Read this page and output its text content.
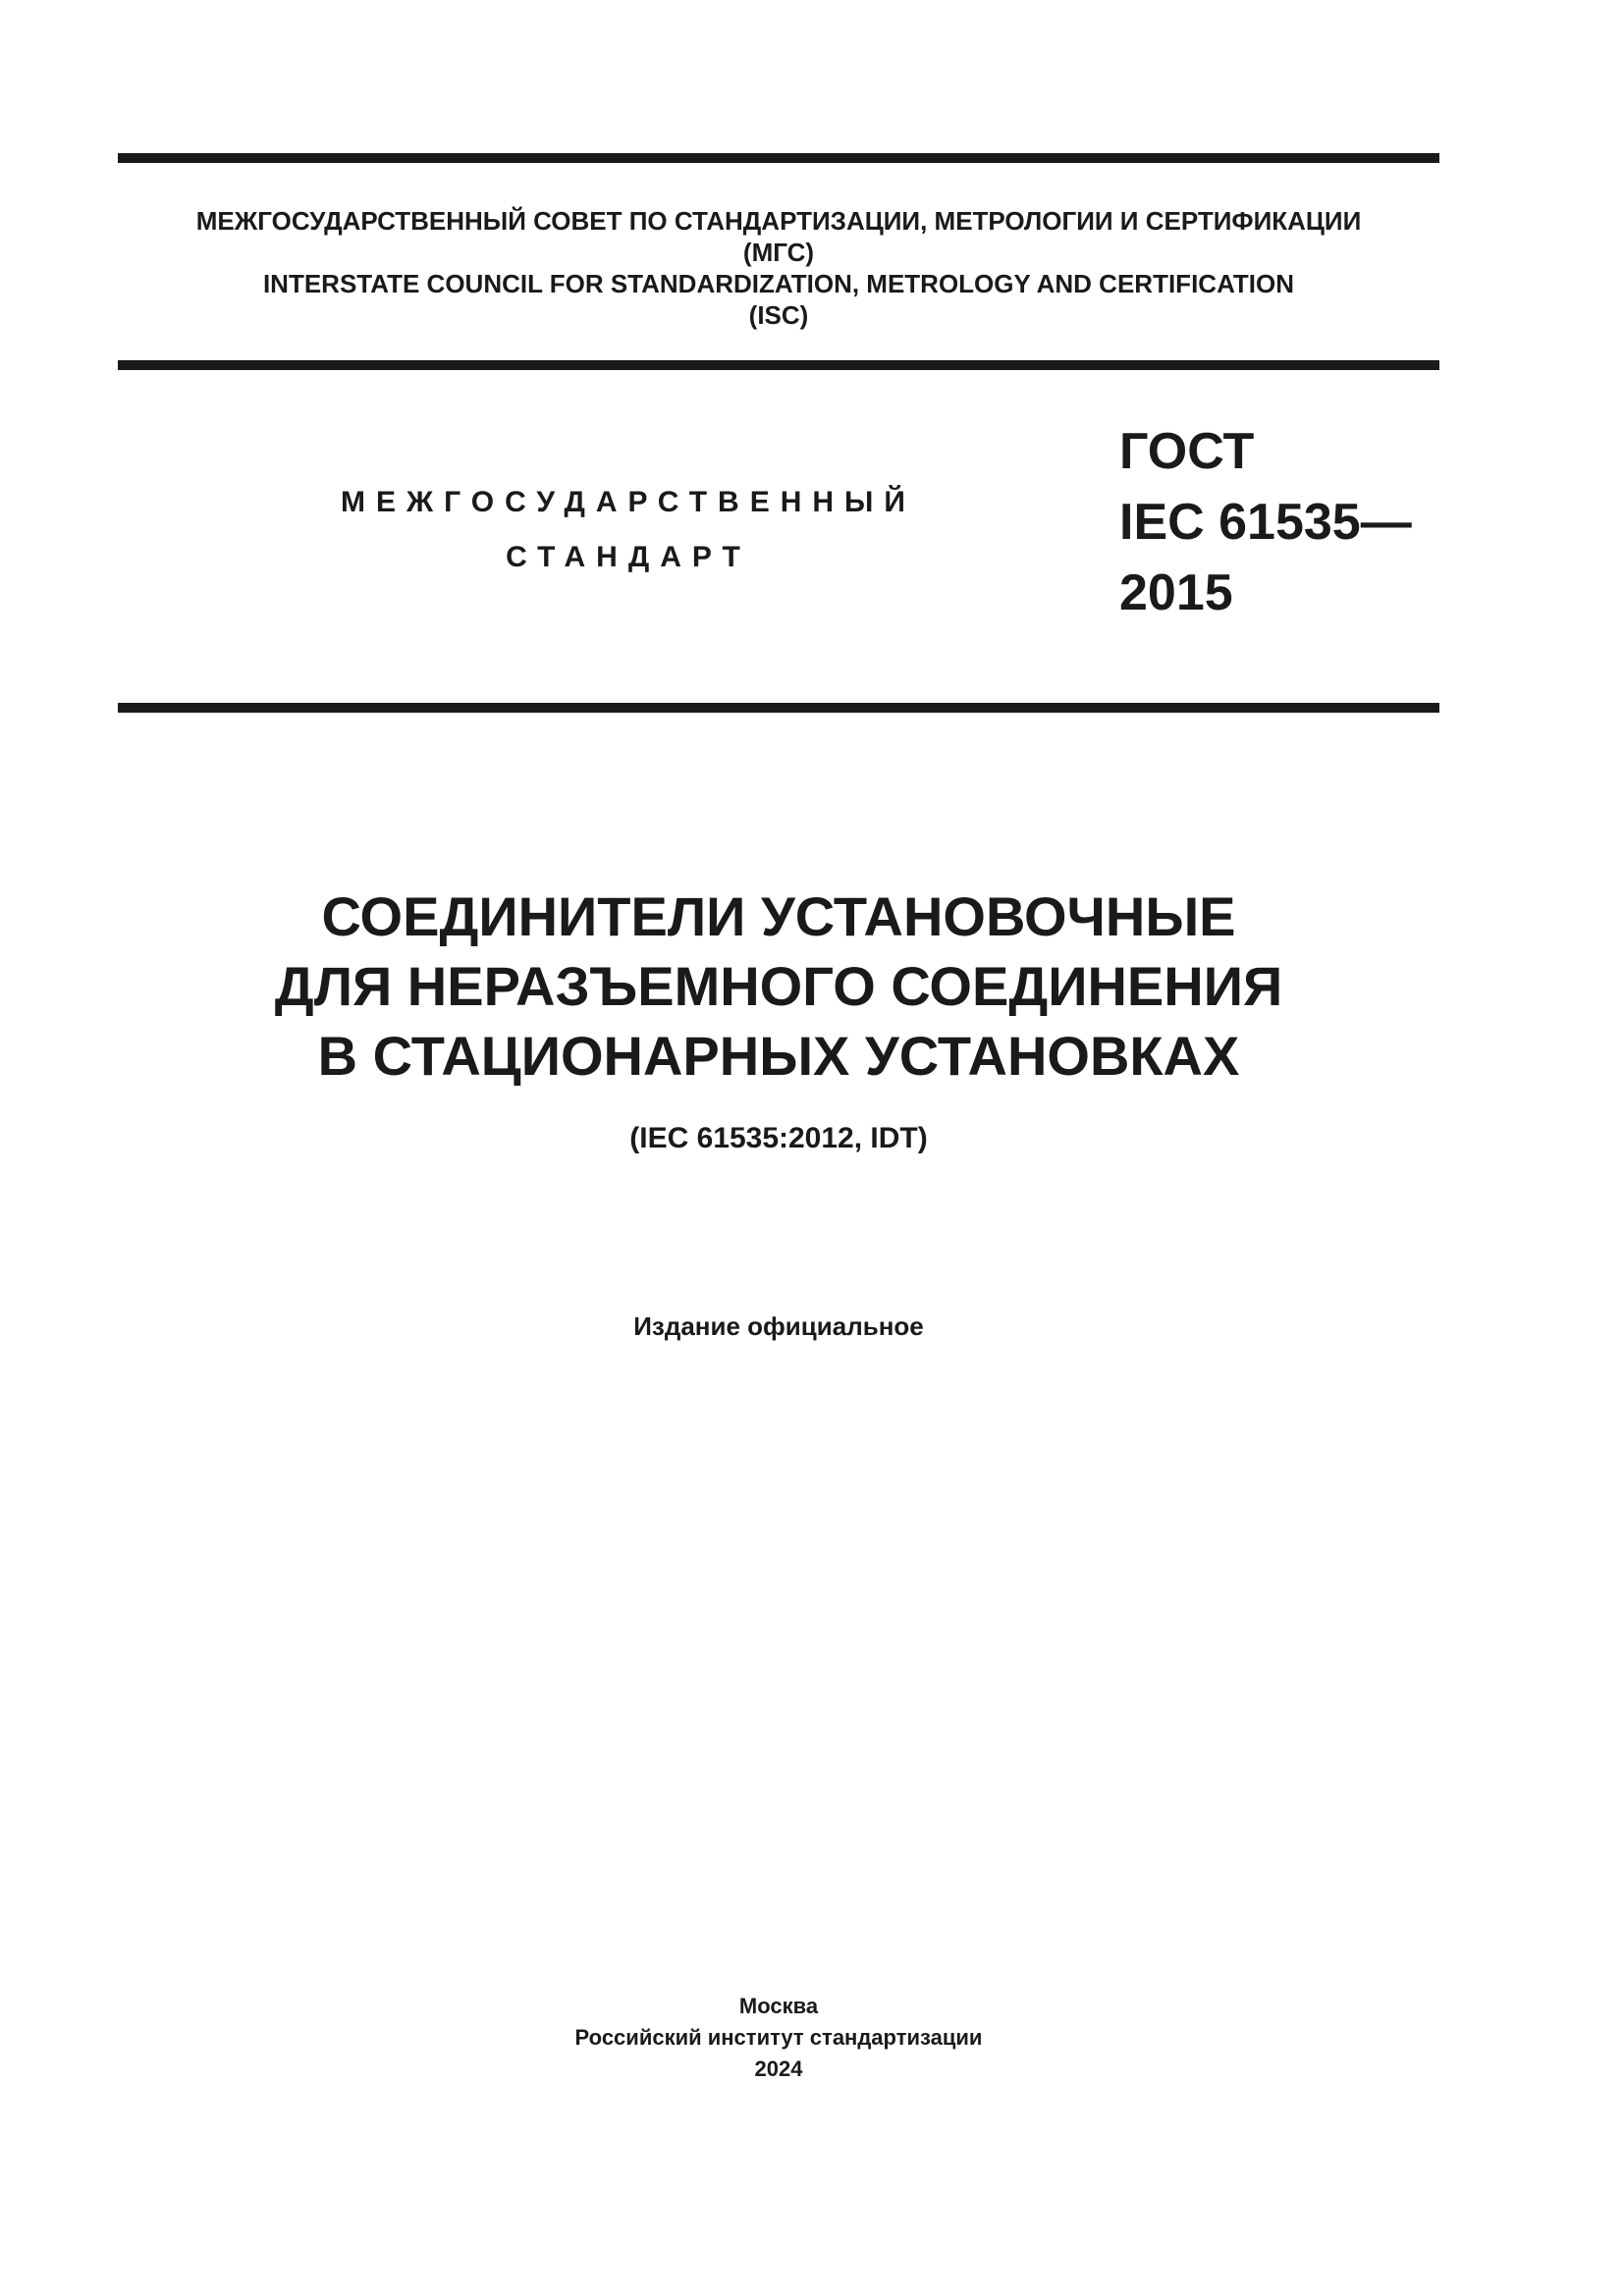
МЕЖГОСУДАРСТВЕННЫЙ СОВЕТ ПО СТАНДАРТИЗАЦИИ, МЕТРОЛОГИИ И СЕРТИФИКАЦИИ
(МГС)
INTERSTATE COUNCIL FOR STANDARDIZATION, METROLOGY AND CERTIFICATION
(ISC)
МЕЖГОСУДАРСТВЕННЫЙ
СТАНДАРТ
ГОСТ
IEC 61535—
2015
СОЕДИНИТЕЛИ УСТАНОВОЧНЫЕ
ДЛЯ НЕРАЗЪЕМНОГО СОЕДИНЕНИЯ
В СТАЦИОНАРНЫХ УСТАНОВКАХ
(IEC 61535:2012, IDT)
Издание официальное
Москва
Российский институт стандартизации
2024
